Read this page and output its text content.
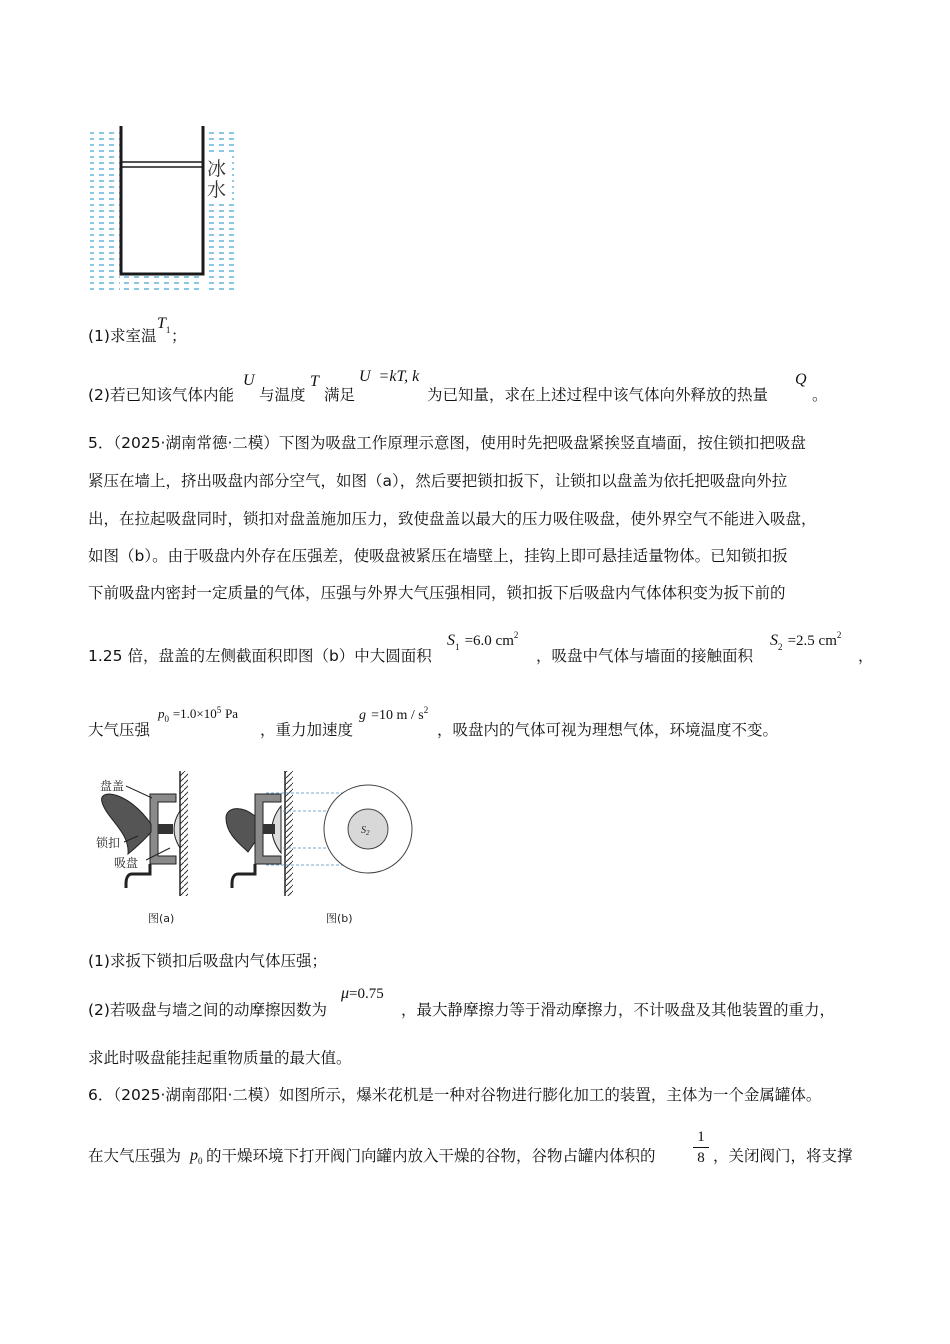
冰
水
(1)求室温
$T_1$ ；
(2)若已知该气体内能
U
与温度
T
满足
U  =kT, k
为已知量，求在上述过程中该气体向外释放的热量
Q
。
5．（2025·湖南常德·二模）下图为吸盘工作原理示意图，使用时先把吸盘紧挨竖直墙面，按住锁扣把吸盘
紧压在墙上，挤出吸盘内部分空气，如图（a），然后要把锁扣扳下，让锁扣以盘盖为依托把吸盘向外拉
出，在拉起吸盘同时，锁扣对盘盖施加压力，致使盘盖以最大的压力吸住吸盘，使外界空气不能进入吸盘，
如图（b）。由于吸盘内外存在压强差，使吸盘被紧压在墙壁上，挂钩上即可悬挂适量物体。已知锁扣扳
下前吸盘内密封一定质量的气体，压强与外界大气压强相同，锁扣扳下后吸盘内气体体积变为扳下前的
1.25 倍，盘盖的左侧截面积即图（b）中大圆面积
$S_1 =6.0$ $cm^2$
，吸盘中气体与墙面的接触面积
$S_2 =2.5$ $cm^2$
，
大气压强
$p_0 =1.0\times 10^5$ Pa
，重力加速度
g =10 m / $s^2$
，吸盘内的气体可视为理想气体，环境温度不变。
盘盖
锁扣
吸盘
图(a)
$S_2$
图(b)
(1)求扳下锁扣后吸盘内气体压强；
(2)若吸盘与墙之间的动摩擦因数为
μ=0.75
，最大静摩擦力等于滑动摩擦力，不计吸盘及其他装置的重力，
求此时吸盘能挂起重物质量的最大值。
6．（2025·湖南邵阳·二模）如图所示，爆米花机是一种对谷物进行膨化加工的装置，主体为一个金属罐体。
在大气压强为 $p_0$ 的干燥环境下打开阀门向罐内放入干燥的谷物，谷物占罐内体积的
1
8 ，关闭阀门，将支撑
